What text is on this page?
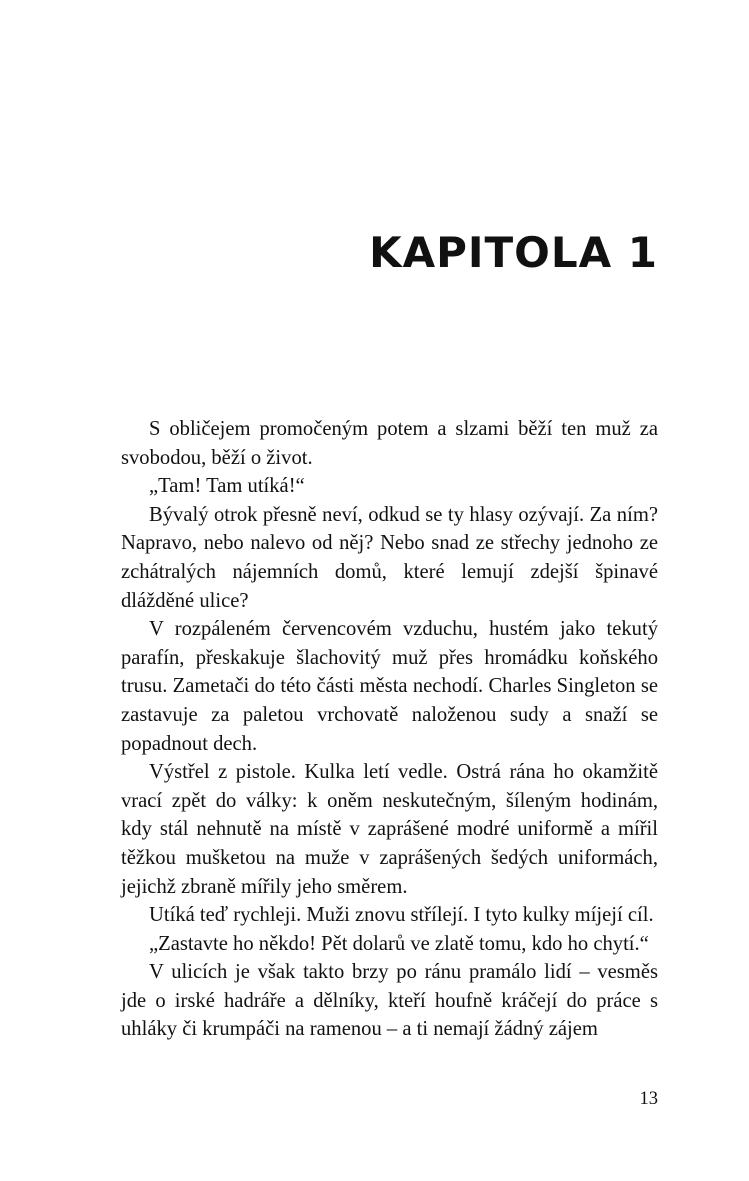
KAPITOLA 1

S obličejem promočeným potem a slzami běží ten muž za svobodou, běží o život.

„Tam! Tam utíká!“

Bývalý otrok přesně neví, odkud se ty hlasy ozývají. Za ním? Napravo, nebo nalevo od něj? Nebo snad ze střechy jednoho ze zchátralých nájemních domů, které lemují zdejší špinavé dlážděné ulice?

V rozpáleném červencovém vzduchu, hustém jako tekutý parafín, přeskakuje šlachovitý muž přes hromádku koňského trusu. Zametači do této části města nechodí. Charles Singleton se zastavuje za paletou vrchovatě naloženou sudy a snaží se popadnout dech.

Výstřel z pistole. Kulka letí vedle. Ostrá rána ho okamžitě vrací zpět do války: k oněm neskutečným, šíleným hodinám, kdy stál nehnutě na místě v zaprášené modré uniformě a mířil těžkou mušketou na muže v zaprášených šedých uniformách, jejichž zbraně mířily jeho směrem.

Utíká teď rychleji. Muži znovu střílejí. I tyto kulky míjejí cíl.

„Zastavte ho někdo! Pět dolarů ve zlatě tomu, kdo ho chytí.“

V ulicích je však takto brzy po ránu pramálo lidí – vesměs jde o irské hadráře a dělníky, kteří houfně kráčejí do práce s uhláky či krumpáči na ramenou – a ti nemají žádný zájem

13
